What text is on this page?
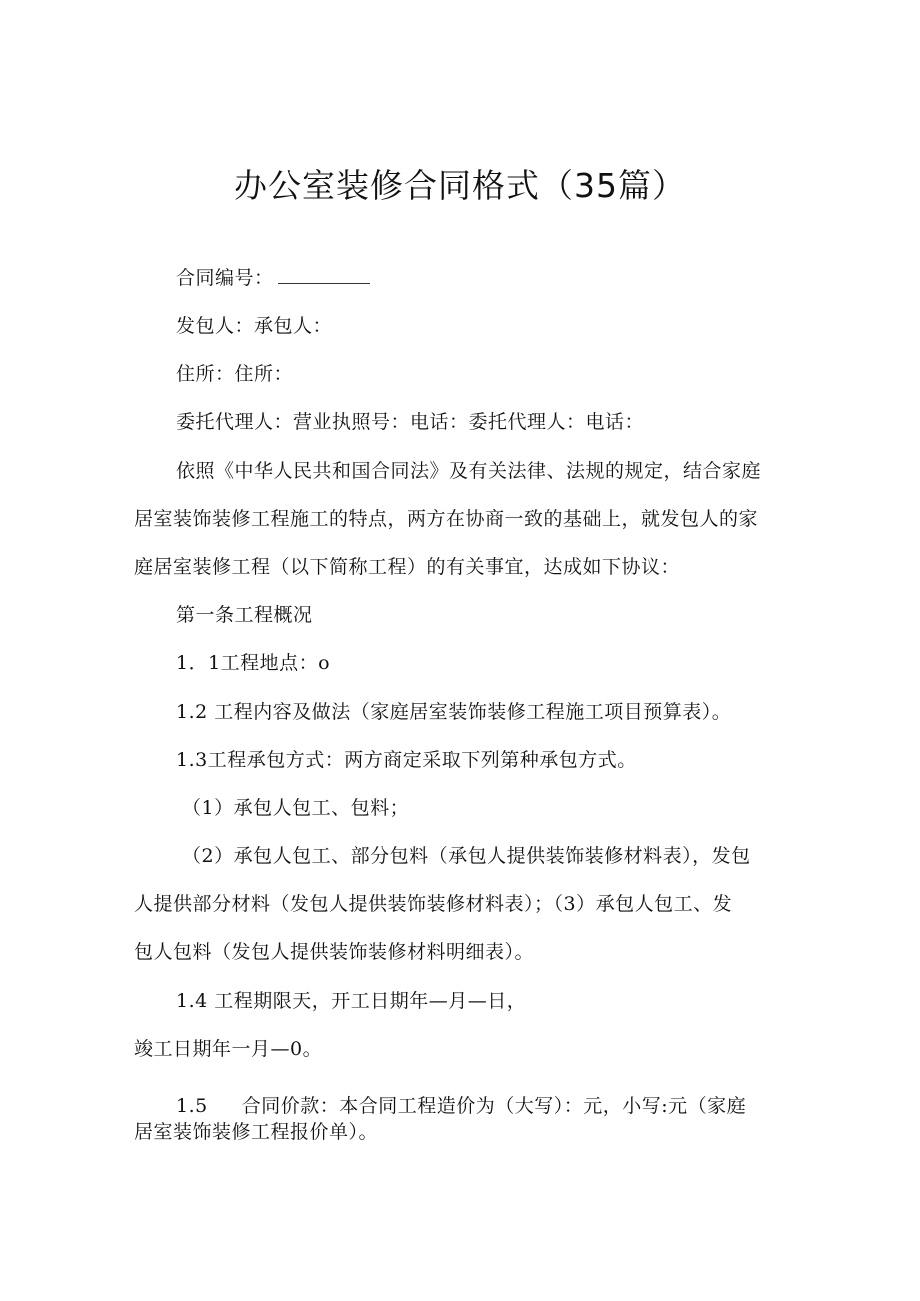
办公室装修合同格式（35篇）
合同编号：
发包人：承包人：
住所：住所：
委托代理人：营业执照号：电话：委托代理人：电话：
依照《中华人民共和国合同法》及有关法律、法规的规定，结合家庭
居室装饰装修工程施工的特点，两方在协商一致的基础上，就发包人的家
庭居室装修工程（以下简称工程）的有关事宜，达成如下协议：
第一条工程概况
1．1工程地点：o
1.2 工程内容及做法（家庭居室装饰装修工程施工项目预算表）。
1.3工程承包方式：两方商定采取下列第种承包方式。
（1）承包人包工、包料；
（2）承包人包工、部分包料（承包人提供装饰装修材料表），发包
人提供部分材料（发包人提供装饰装修材料表）；（3）承包人包工、发
包人包料（发包人提供装饰装修材料明细表）。
1.4 工程期限天，开工日期年—月—日，
竣工日期年一月—0。
1.5 合同价款：本合同工程造价为（大写）：元，小写:元（家庭
居室装饰装修工程报价单）。
